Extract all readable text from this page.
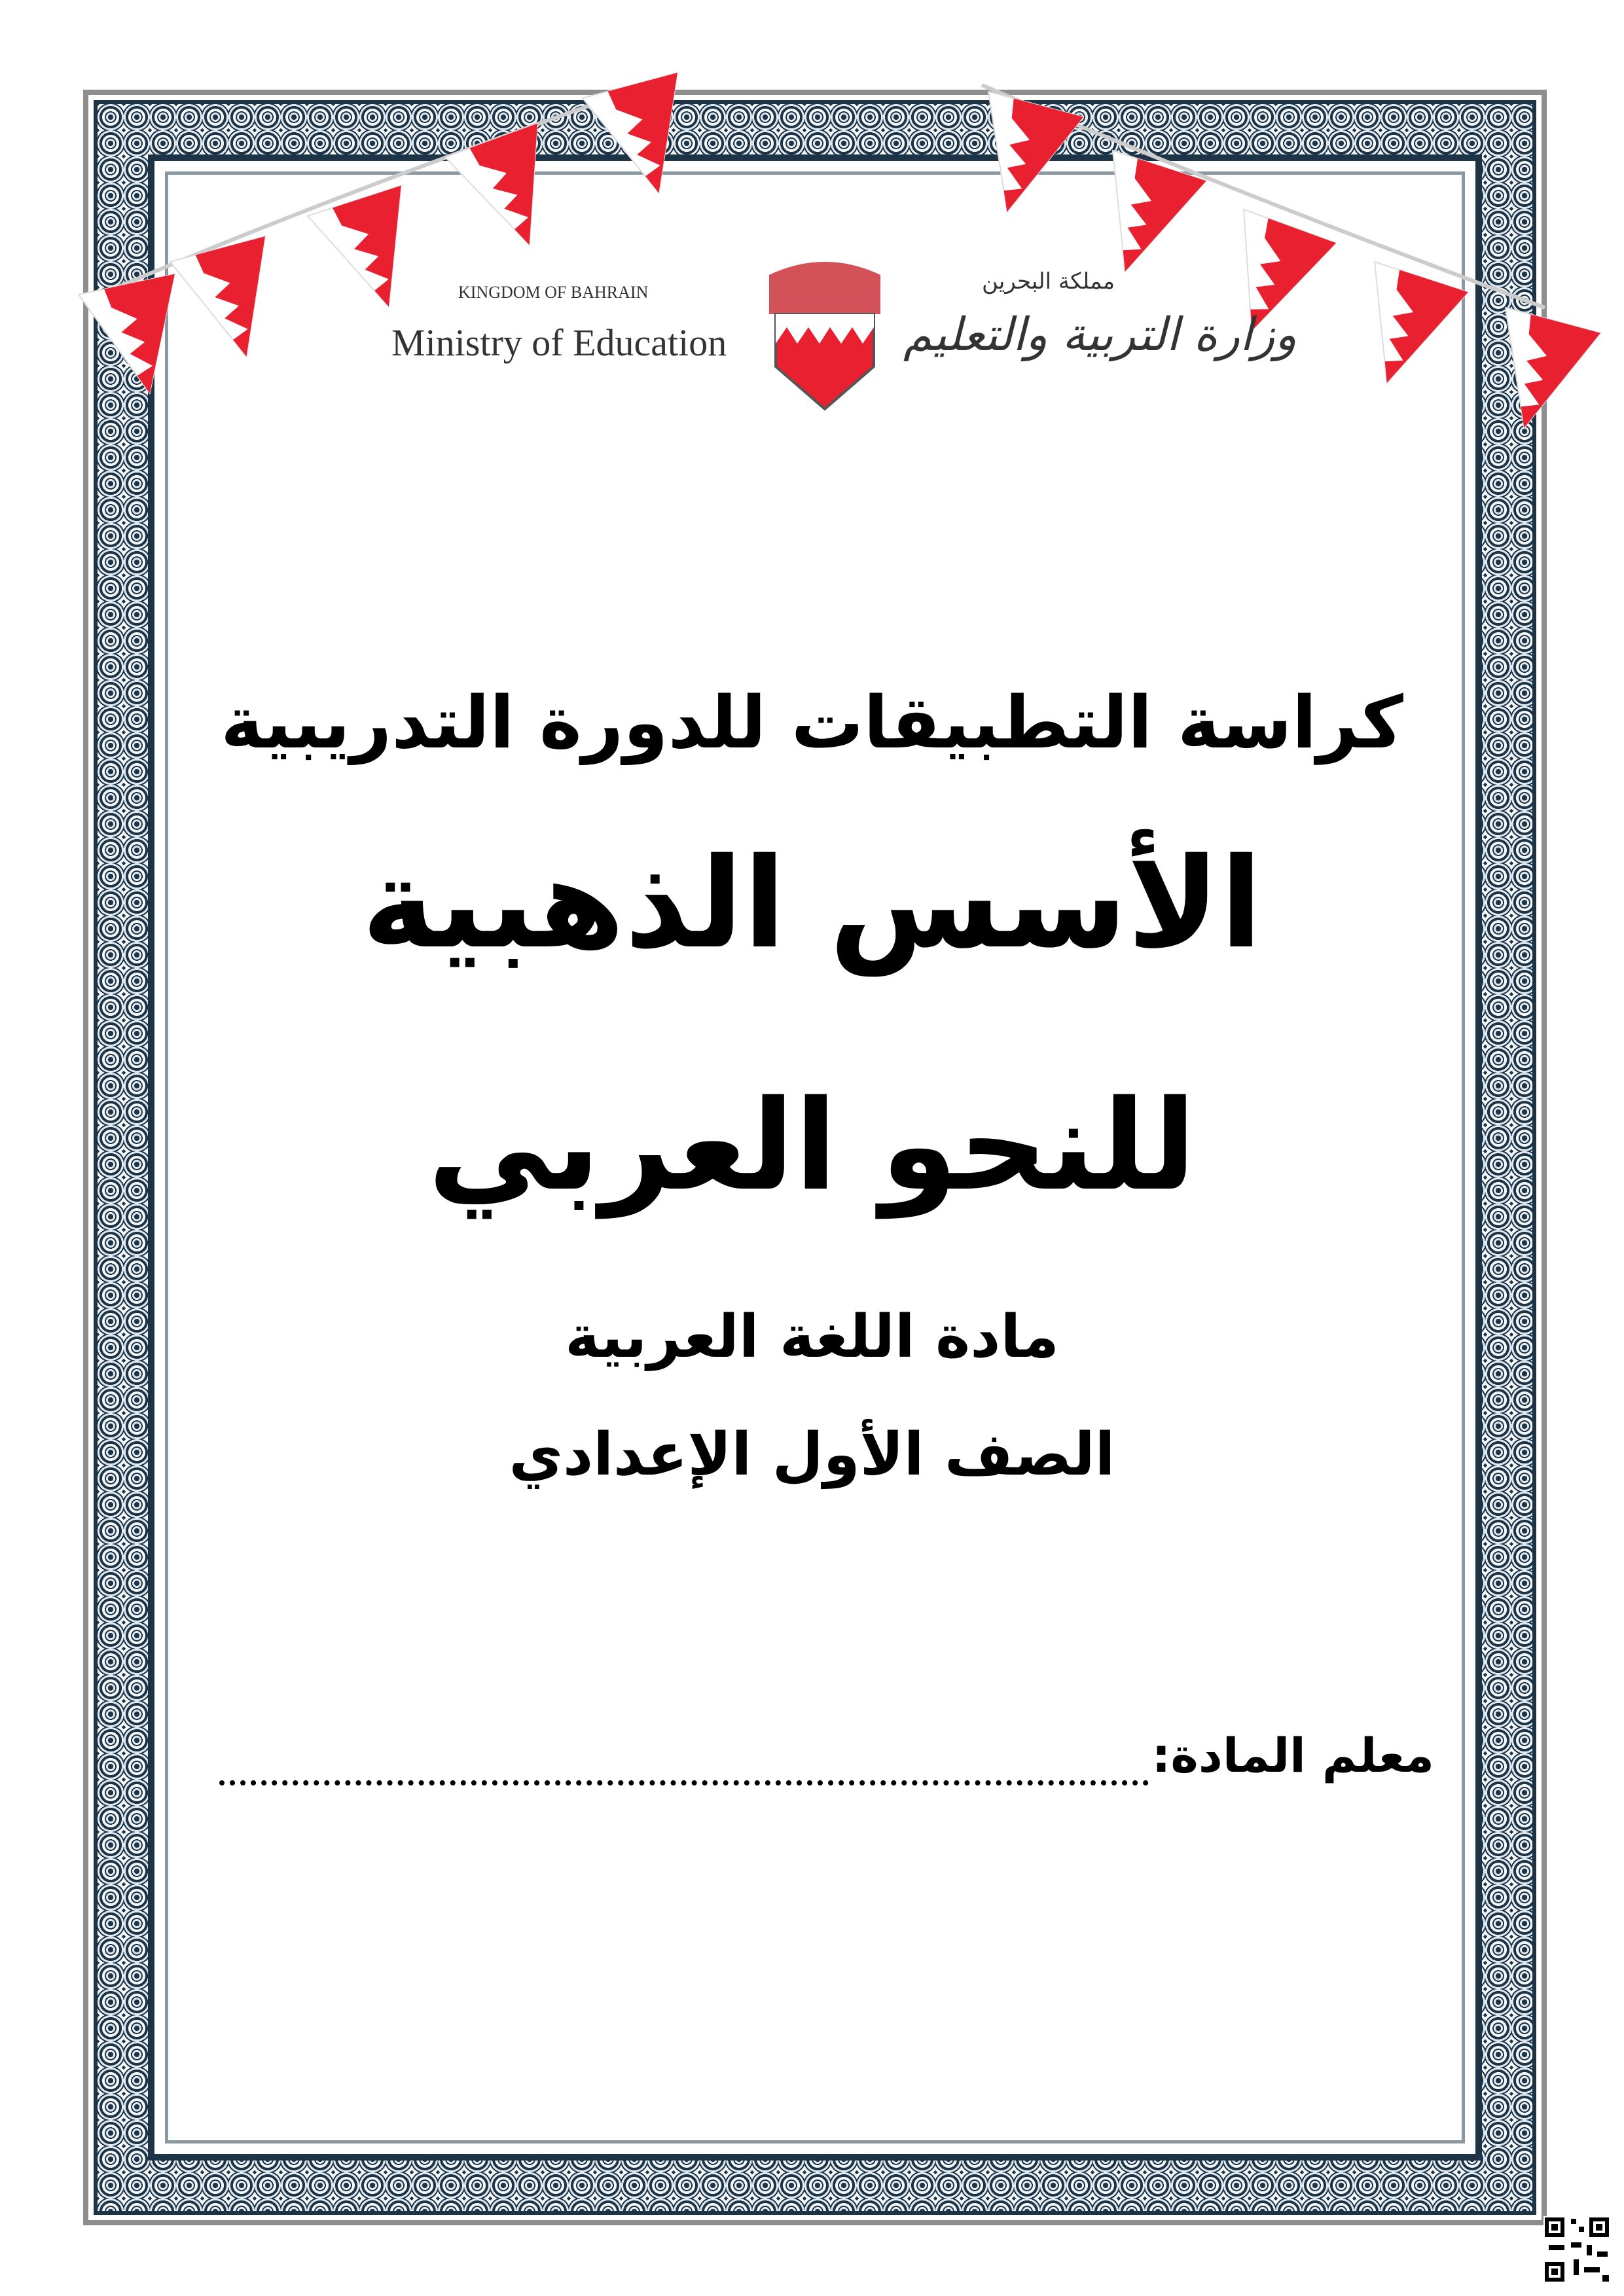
KINGDOM OF BAHRAIN
Ministry of Education
مملكة البحرين
وزارة التربية والتعليم
كراسة التطبيقات للدورة التدريبية
الأسس الذهبية
للنحو العربي
مادة اللغة العربية
الصف الأول الإعدادي
معلم المادة:
